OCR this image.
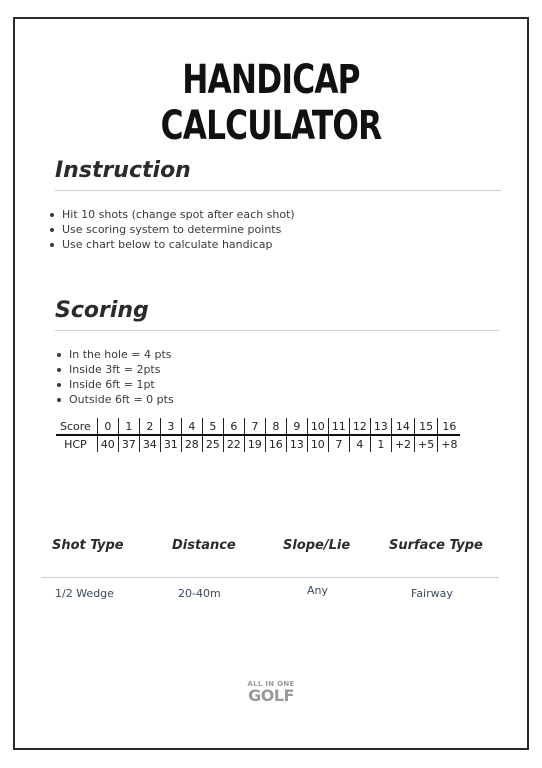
HANDICAP CALCULATOR
Instruction
Hit 10 shots (change spot after each shot)
Use scoring system to determine points
Use chart below to calculate handicap
Scoring
In the hole = 4 pts
Inside 3ft = 2pts
Inside 6ft = 1pt
Outside 6ft = 0 pts
Score	0	1	2	3	4	5	6	7	8	9	10	11	12	13	14	15	16
HCP	40	37	34	31	28	25	22	19	16	13	10	7	4	1	+2	+5	+8
Shot Type	Distance	Slope/Lie	Surface Type
1/2 Wedge	20-40m	Any	Fairway
ALL IN ONE
GOLF
